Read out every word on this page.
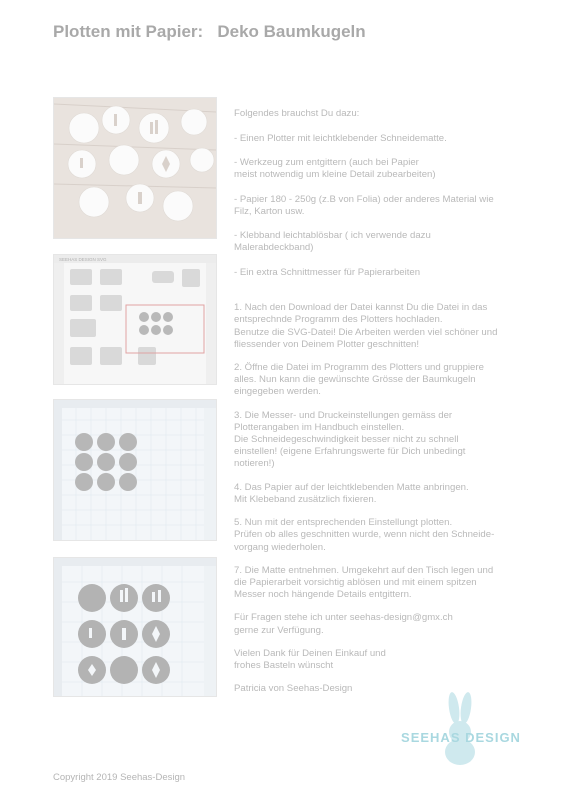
Plotten mit Papier:   Deko Baumkugeln
SEEHAS DESIGN SVG

Folgendes brauchst Du dazu:

- Einen Plotter mit leichtklebender Schneidematte.

- Werkzeug zum entgittern (auch bei Papier
meist notwendig um kleine Detail zubearbeiten)

- Papier 180 - 250g (z.B von Folia) oder anderes Material wie
Filz, Karton usw.

- Klebband leichtablösbar ( ich verwende dazu
Malerabdeckband)

- Ein extra Schnittmesser für Papierarbeiten

1. Nach den Download der Datei kannst Du die Datei in das
entsprechnde Programm des Plotters hochladen.
Benutze die SVG-Datei! Die Arbeiten werden viel schöner und
fliessender von Deinem Plotter geschnitten!

2. Öffne die Datei im Programm des Plotters und gruppiere
alles. Nun kann die gewünschte Grösse der Baumkugeln
eingegeben werden.

3. Die Messer- und Druckeinstellungen gemäss der
Plotterangaben im Handbuch einstellen.
Die Schneidegeschwindigkeit besser nicht zu schnell
einstellen! (eigene Erfahrungswerte für Dich unbedingt
notieren!)

4. Das Papier auf der leichtklebenden Matte anbringen.
Mit Klebeband zusätzlich fixieren.

5. Nun mit der entsprechenden Einstellungt plotten.
Prüfen ob alles geschnitten wurde, wenn nicht den Schneide-
vorgang wiederholen.

7. Die Matte entnehmen. Umgekehrt auf den Tisch legen und
die Papierarbeit vorsichtig ablösen und mit einem spitzen
Messer noch hängende Details entgittern.

Für Fragen stehe ich unter seehas-design@gmx.ch
gerne zur Verfügung.

Vielen Dank für Deinen Einkauf und
frohes Basteln wünscht

Patricia von Seehas-Design

SEEHAS DESIGN
Copyright 2019 Seehas-Design
